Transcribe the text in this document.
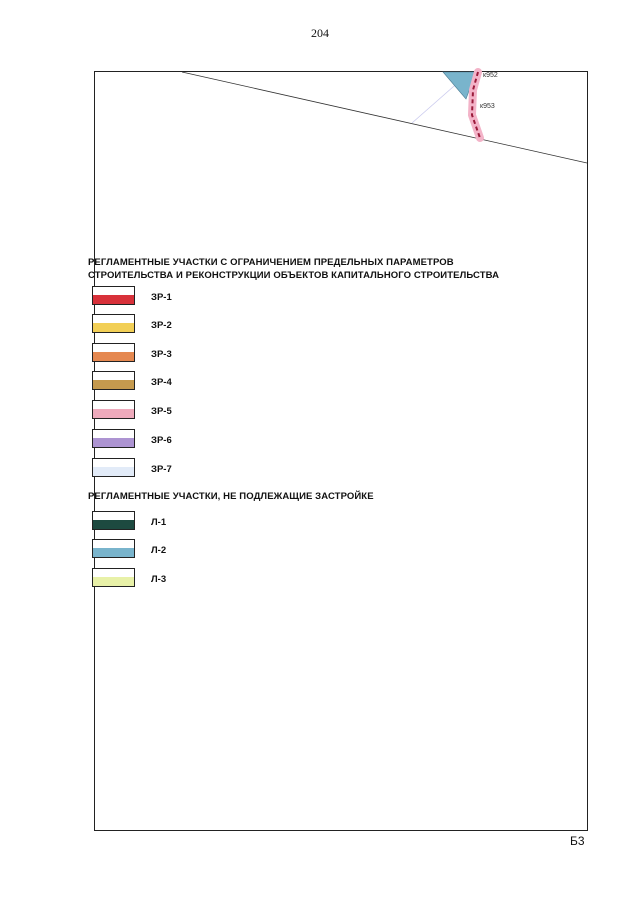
204
к952
к953
РЕГЛАМЕНТНЫЕ УЧАСТКИ С ОГРАНИЧЕНИЕМ ПРЕДЕЛЬНЫХ ПАРАМЕТРОВ
СТРОИТЕЛЬСТВА И РЕКОНСТРУКЦИИ ОБЪЕКТОВ КАПИТАЛЬНОГО СТРОИТЕЛЬСТВА
ЗР-1
ЗР-2
ЗР-3
ЗР-4
ЗР-5
ЗР-6
ЗР-7
РЕГЛАМЕНТНЫЕ УЧАСТКИ, НЕ ПОДЛЕЖАЩИЕ ЗАСТРОЙКЕ
Л-1
Л-2
Л-3
Б3
